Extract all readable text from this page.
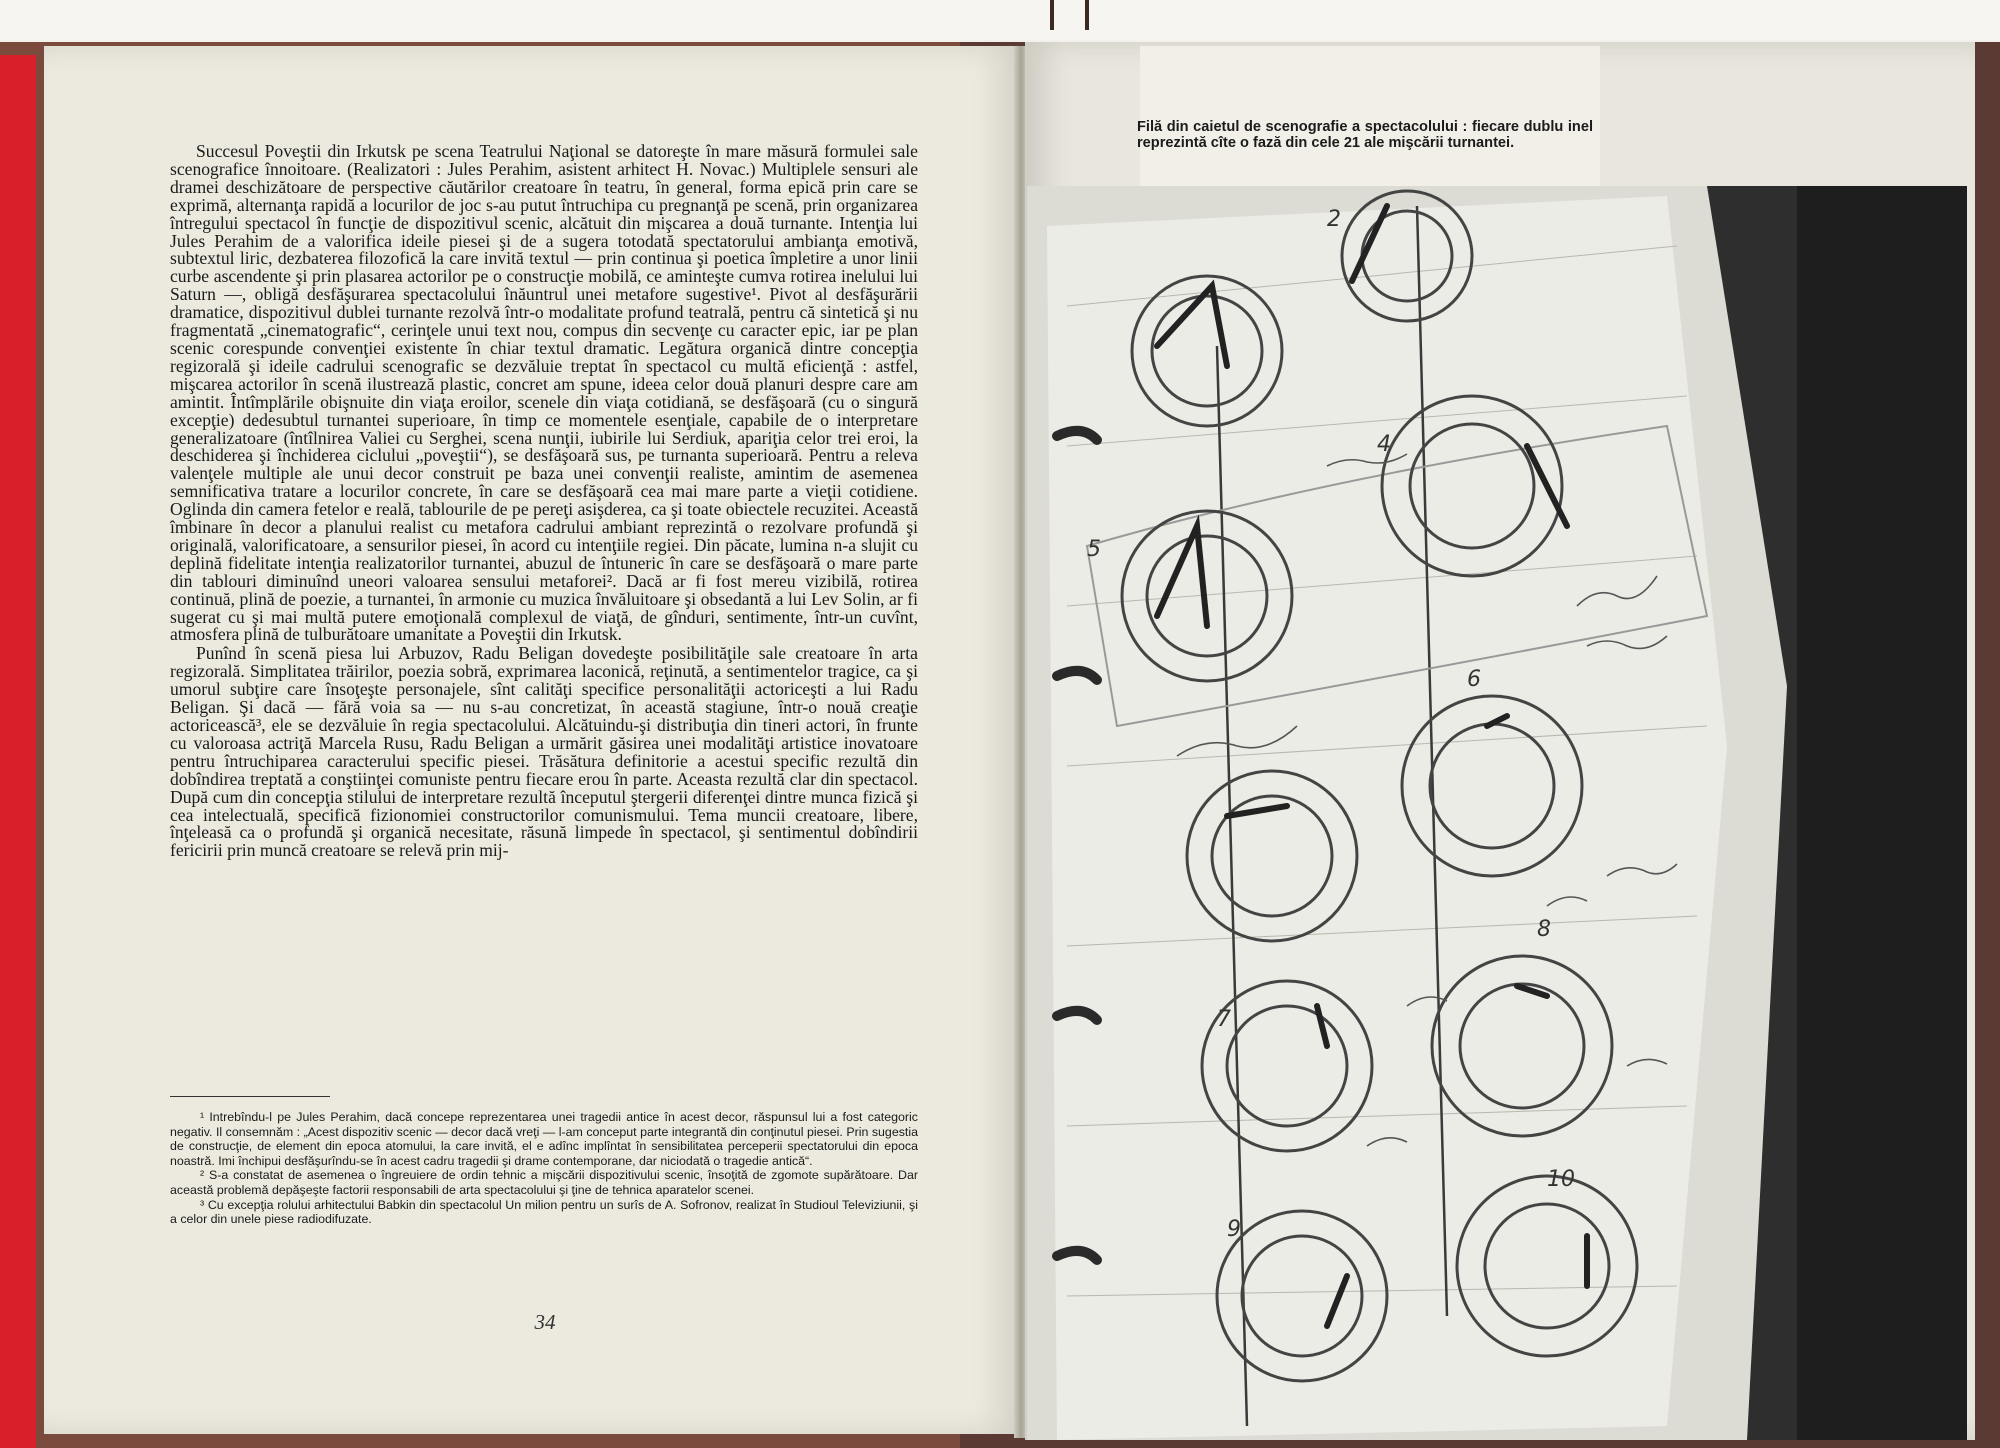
Succesul Poveştii din Irkutsk pe scena Teatrului Naţional se datoreşte în mare măsură formulei sale scenografice înnoitoare. (Realizatori : Jules Perahim, asistent arhitect H. Novac.) Multiplele sensuri ale dramei deschizătoare de perspective căutărilor creatoare în teatru, în general, forma epică prin care se exprimă, alternanţa rapidă a locurilor de joc s-au putut întruchipa cu pregnanţă pe scenă, prin organizarea întregului spectacol în funcţie de dispozitivul scenic, alcătuit din mişcarea a două turnante. Intenţia lui Jules Perahim de a valorifica ideile piesei şi de a sugera totodată spectatorului ambianţa emotivă, subtextul liric, dezbaterea filozofică la care invită textul — prin continua şi poetica împletire a unor linii curbe ascendente şi prin plasarea actorilor pe o construcţie mobilă, ce aminteşte cumva rotirea inelului lui Saturn —, obligă desfăşurarea spectacolului înăuntrul unei metafore sugestive¹. Pivot al desfăşurării dramatice, dispozitivul dublei turnante rezolvă într-o modalitate profund teatrală, pentru că sintetică şi nu fragmentată „cinematografic“, cerinţele unui text nou, compus din secvenţe cu caracter epic, iar pe plan scenic corespunde convenţiei existente în chiar textul dramatic. Legătura organică dintre concepţia regizorală şi ideile cadrului scenografic se dezvăluie treptat în spectacol cu multă eficienţă : astfel, mişcarea actorilor în scenă ilustrează plastic, concret am spune, ideea celor două planuri despre care am amintit. Întîmplările obişnuite din viaţa eroilor, scenele din viaţa cotidiană, se desfăşoară (cu o singură excepţie) dedesubtul turnantei superioare, în timp ce momentele esenţiale, capabile de o interpretare generalizatoare (întîlnirea Valiei cu Serghei, scena nunţii, iubirile lui Serdiuk, apariţia celor trei eroi, la deschiderea şi închiderea ciclului „poveştii“), se desfăşoară sus, pe turnanta superioară. Pentru a releva valenţele multiple ale unui decor construit pe baza unei convenţii realiste, amintim de asemenea semnificativa tratare a locurilor concrete, în care se desfăşoară cea mai mare parte a vieţii cotidiene. Oglinda din camera fetelor e reală, tablourile de pe pereţi asişderea, ca şi toate obiectele recuzitei. Această îmbinare în decor a planului realist cu metafora cadrului ambiant reprezintă o rezolvare profundă şi originală, valorificatoare, a sensurilor piesei, în acord cu intenţiile regiei. Din păcate, lumina n-a slujit cu deplină fidelitate intenţia realizatorilor turnantei, abuzul de întuneric în care se desfăşoară o mare parte din tablouri diminuînd uneori valoarea sensului metaforei². Dacă ar fi fost mereu vizibilă, rotirea continuă, plină de poezie, a turnantei, în armonie cu muzica învăluitoare şi obsedantă a lui Lev Solin, ar fi sugerat cu şi mai multă putere emoţională complexul de viaţă, de gînduri, sentimente, într-un cuvînt, atmosfera plină de tulburătoare umanitate a Poveştii din Irkutsk.

Punînd în scenă piesa lui Arbuzov, Radu Beligan dovedeşte posibilităţile sale creatoare în arta regizorală. Simplitatea trăirilor, poezia sobră, exprimarea laconică, reţinută, a sentimentelor tragice, ca şi umorul subţire care însoţeşte personajele, sînt calităţi specifice personalităţii actoriceşti a lui Radu Beligan. Şi dacă — fără voia sa — nu s-au concretizat, în această stagiune, într-o nouă creaţie actoricească³, ele se dezvăluie în regia spectacolului. Alcătuindu-şi distribuţia din tineri actori, în frunte cu valoroasa actriţă Marcela Rusu, Radu Beligan a urmărit găsirea unei modalităţi artistice inovatoare pentru întruchiparea caracterului specific piesei. Trăsătura definitorie a acestui specific rezultă din dobîndirea treptată a conştiinţei comuniste pentru fiecare erou în parte. Aceasta rezultă clar din spectacol. După cum din concepţia stilului de interpretare rezultă începutul ştergerii diferenţei dintre munca fizică şi cea intelectuală, specifică fizionomiei constructorilor comunismului. Tema muncii creatoare, libere, înţeleasă ca o profundă şi organică necesitate, răsună limpede în spectacol, şi sentimentul dobîndirii fericirii prin muncă creatoare se relevă prin mij-

¹ Intrebîndu-l pe Jules Perahim, dacă concepe reprezentarea unei tragedii antice în acest decor, răspunsul lui a fost categoric negativ. Il consemnăm : „Acest dispozitiv scenic — decor dacă vreţi — l-am conceput parte integrantă din conţinutul piesei. Prin sugestia de construcţie, de element din epoca atomului, la care invită, el e adînc implîntat în sensibilitatea perceperii spectatorului din epoca noastră. Imi închipui desfăşurîndu-se în acest cadru tragedii şi drame contemporane, dar niciodată o tragedie antică“.

² S-a constatat de asemenea o îngreuiere de ordin tehnic a mişcării dispozitivului scenic, însoţită de zgomote supărătoare. Dar această problemă depăşeşte factorii responsabili de arta spectacolului şi ţine de tehnica aparatelor scenei.

³ Cu excepţia rolului arhitectului Babkin din spectacolul Un milion pentru un surîs de A. Sofronov, realizat în Studioul Televiziunii, şi a celor din unele piese radiodifuzate.

34
Filă din caietul de scenografie a spectacolului : fiecare dublu inel reprezintă cîte o fază din cele 21 ale mişcării turnantei.
2
4
5
6
7
8
9
10
